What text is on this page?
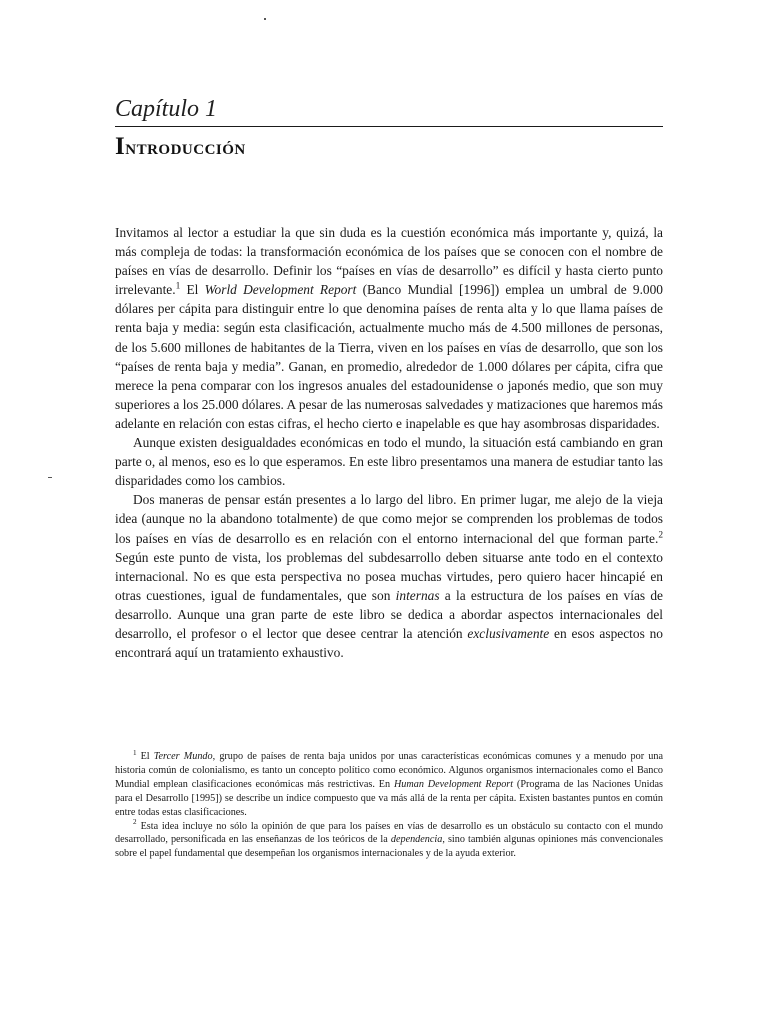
Capítulo 1
Introducción

Invitamos al lector a estudiar la que sin duda es la cuestión económica más importante y, quizá, la más compleja de todas: la transformación económica de los países que se conocen con el nombre de países en vías de desarrollo. Definir los “países en vías de desarrollo” es difícil y hasta cierto punto irrelevante.$^1$ El World Development Report (Banco Mundial [1996]) emplea un umbral de 9.000 dólares per cápita para distinguir entre lo que denomina países de renta alta y lo que llama países de renta baja y media: según esta clasificación, actualmente mucho más de 4.500 millones de personas, de los 5.600 millones de habitantes de la Tierra, viven en los países en vías de desarrollo, que son los “países de renta baja y media”. Ganan, en promedio, alrededor de 1.000 dólares per cápita, cifra que merece la pena comparar con los ingresos anuales del estadounidense o japonés medio, que son muy superiores a los 25.000 dólares. A pesar de las numerosas salvedades y matizaciones que haremos más adelante en relación con estas cifras, el hecho cierto e inapelable es que hay asombrosas disparidades.

Aunque existen desigualdades económicas en todo el mundo, la situación está cambiando en gran parte o, al menos, eso es lo que esperamos. En este libro presentamos una manera de estudiar tanto las disparidades como los cambios.

Dos maneras de pensar están presentes a lo largo del libro. En primer lugar, me alejo de la vieja idea (aunque no la abandono totalmente) de que como mejor se comprenden los problemas de todos los países en vías de desarrollo es en relación con el entorno internacional del que forman parte.$^2$ Según este punto de vista, los problemas del subdesarrollo deben situarse ante todo en el contexto internacional. No es que esta perspectiva no posea muchas virtudes, pero quiero hacer hincapié en otras cuestiones, igual de fundamentales, que son internas a la estructura de los países en vías de desarrollo. Aunque una gran parte de este libro se dedica a abordar aspectos internacionales del desarrollo, el profesor o el lector que desee centrar la atención exclusivamente en esos aspectos no encontrará aquí un tratamiento exhaustivo.

$^1$ El Tercer Mundo, grupo de países de renta baja unidos por unas características económicas comunes y a menudo por una historia común de colonialismo, es tanto un concepto político como económico. Algunos organismos internacionales como el Banco Mundial emplean clasificaciones económicas más restrictivas. En Human Development Report (Programa de las Naciones Unidas para el Desarrollo [1995]) se describe un índice compuesto que va más allá de la renta per cápita. Existen bastantes puntos en común entre todas estas clasificaciones.

$^2$ Esta idea incluye no sólo la opinión de que para los países en vías de desarrollo es un obstáculo su contacto con el mundo desarrollado, personificada en las enseñanzas de los teóricos de la dependencia, sino también algunas opiniones más convencionales sobre el papel fundamental que desempeñan los organismos internacionales y de la ayuda exterior.
